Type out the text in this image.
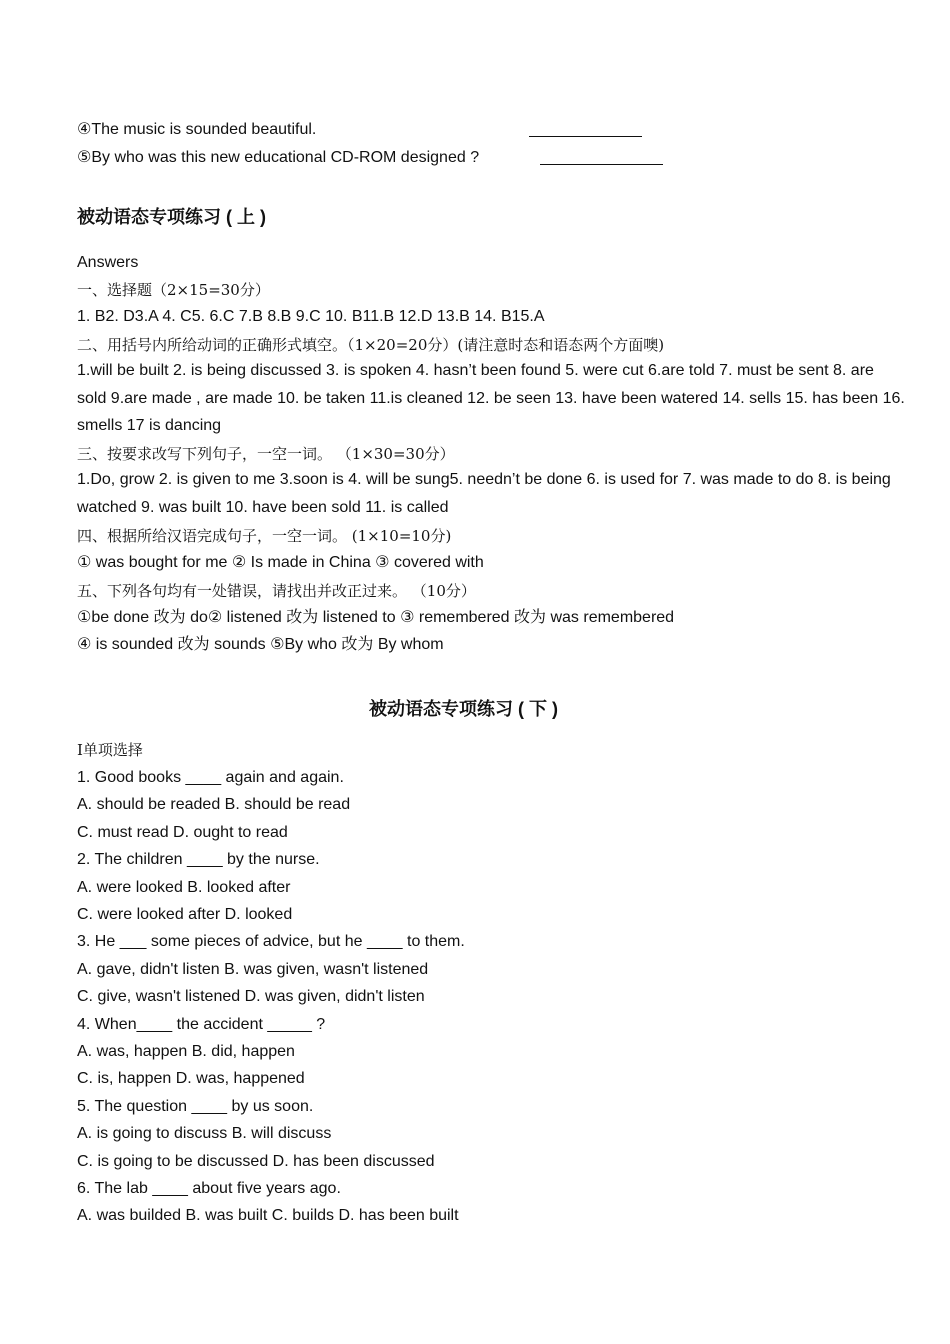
④The music is sounded beautiful.
⑤By who was this new educational CD-ROM designed ?
被动语态专项练习 ( 上 )
Answers
一、选择题（2×15=30分）
1. B2. D3.A 4. C5. 6.C 7.B 8.B 9.C 10. B11.B 12.D 13.B 14. B15.A
二、用括号内所给动词的正确形式填空。（1×20=20分）(请注意时态和语态两个方面噢)
1.will be built 2. is being discussed 3. is spoken 4. hasn’t been found 5. were cut 6.are told 7. must be sent 8. are sold 9.are made , are made 10. be taken 11.is cleaned 12. be seen 13. have been watered 14. sells 15. has been 16. smells 17 is dancing
三、按要求改写下列句子，一空一词。 （1×30=30分）
1.Do, grow 2. is given to me 3.soon is 4. will be sung5. needn’t be done 6. is used for 7. was made to do 8. is being watched 9. was built 10. have been sold 11. is called
四、根据所给汉语完成句子，一空一词。 (1×10=10分)
① was bought for me ② Is made in China ③ covered with
五、下列各句均有一处错误，请找出并改正过来。 （10分）
①be done 改为 do② listened 改为 listened to ③ remembered 改为 was remembered
④ is sounded 改为 sounds ⑤By who 改为 By whom
被动语态专项练习 ( 下 )
Ⅰ单项选择
1. Good books ____ again and again.
A. should be readed B. should be read
C. must read D. ought to read
2. The children ____ by the nurse.
A. were looked B. looked after
C. were looked after D. looked
3. He ___ some pieces of advice, but he ____ to them.
A. gave, didn't listen B. was given, wasn't listened
C. give, wasn't listened D. was given, didn't listen
4. When____ the accident _____ ?
A. was, happen B. did, happen
C. is, happen D. was, happened
5. The question ____ by us soon.
A. is going to discuss B. will discuss
C. is going to be discussed D. has been discussed
6. The lab ____ about five years ago.
A. was builded B. was built C. builds D. has been built
